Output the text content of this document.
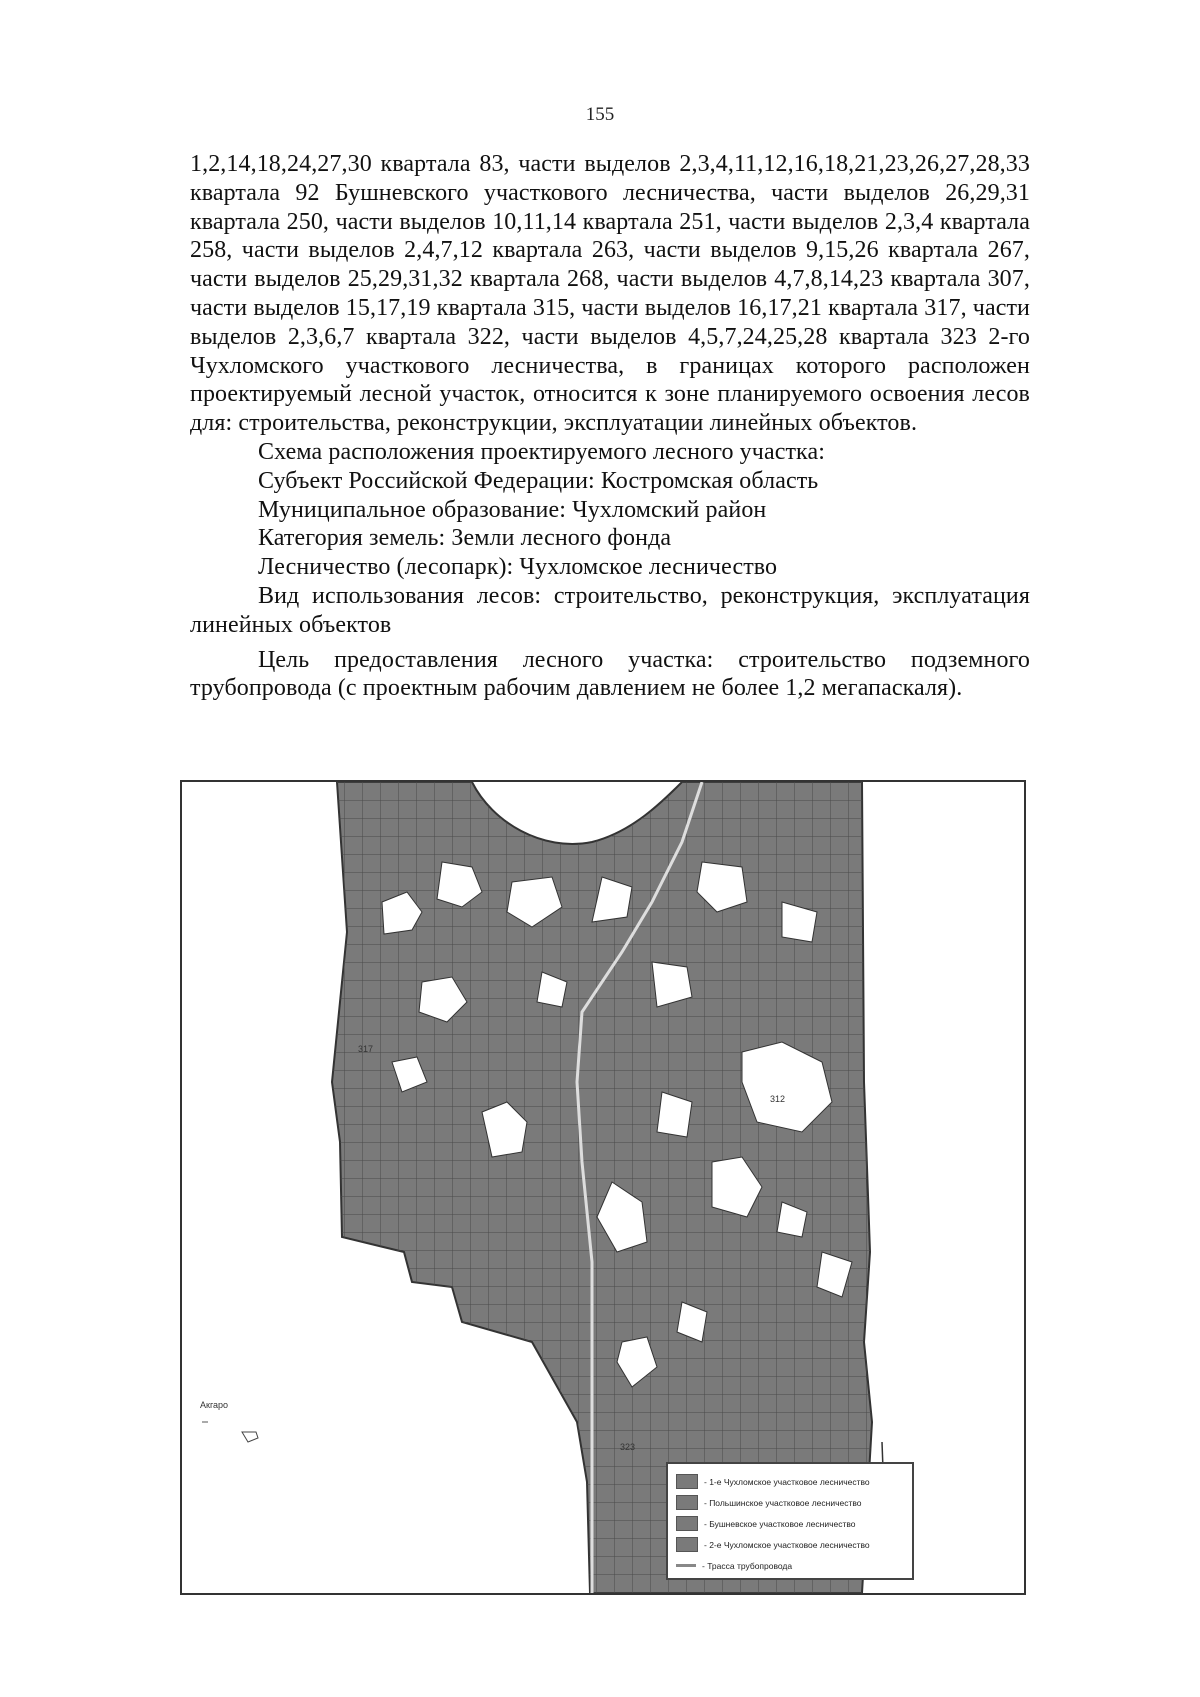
155

1,2,14,18,24,27,30 квартала 83, части выделов 2,3,4,11,12,16,18,21,23,26,27,28,33 квартала 92 Бушневского участкового лесничества, части выделов 26,29,31 квартала 250, части выделов 10,11,14 квартала 251, части выделов 2,3,4 квартала 258, части выделов 2,4,7,12 квартала 263, части выделов 9,15,26 квартала 267, части выделов 25,29,31,32 квартала 268, части выделов 4,7,8,14,23 квартала 307, части выделов 15,17,19 квартала 315, части выделов 16,17,21 квартала 317, части выделов 2,3,6,7 квартала 322, части выделов 4,5,7,24,25,28 квартала 323 2-го Чухломского участкового лесничества, в границах которого расположен проектируемый лесной участок, относится к зоне планируемого освоения лесов для: строительства, реконструкции, эксплуатации линейных объектов.

Схема расположения проектируемого лесного участка:

Субъект Российской Федерации: Костромская область

Муниципальное образование: Чухломский район

Категория земель: Земли лесного фонда

Лесничество (лесопарк): Чухломское лесничество

Вид использования лесов: строительство, реконструкция, эксплуатация линейных объектов

Цель предоставления лесного участка: строительство подземного трубопровода (с проектным рабочим давлением не более 1,2 мегапаскаля).

Акгаро
317
312
323
- 1-е Чухломское участковое лесничество
- Польшинское участковое лесничество
- Бушневское участковое лесничество
- 2-е Чухломское участковое лесничество
- Трасса трубопровода
